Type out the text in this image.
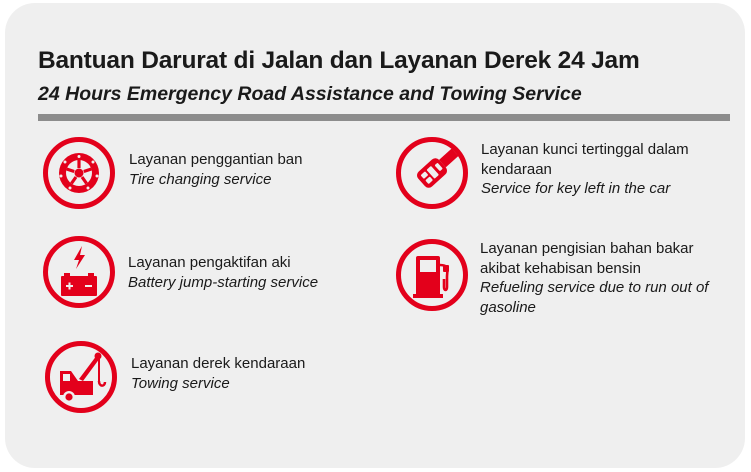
Bantuan Darurat di Jalan dan Layanan Derek 24 Jam
24 Hours Emergency Road Assistance and Towing Service
Layanan penggantian ban
Tire changing service
Layanan kunci tertinggal dalam kendaraan
Service for key left in the car
Layanan pengaktifan aki
Battery jump-starting service
Layanan pengisian bahan bakar akibat kehabisan bensin
Refueling service due to run out of gasoline
Layanan derek kendaraan
Towing service
